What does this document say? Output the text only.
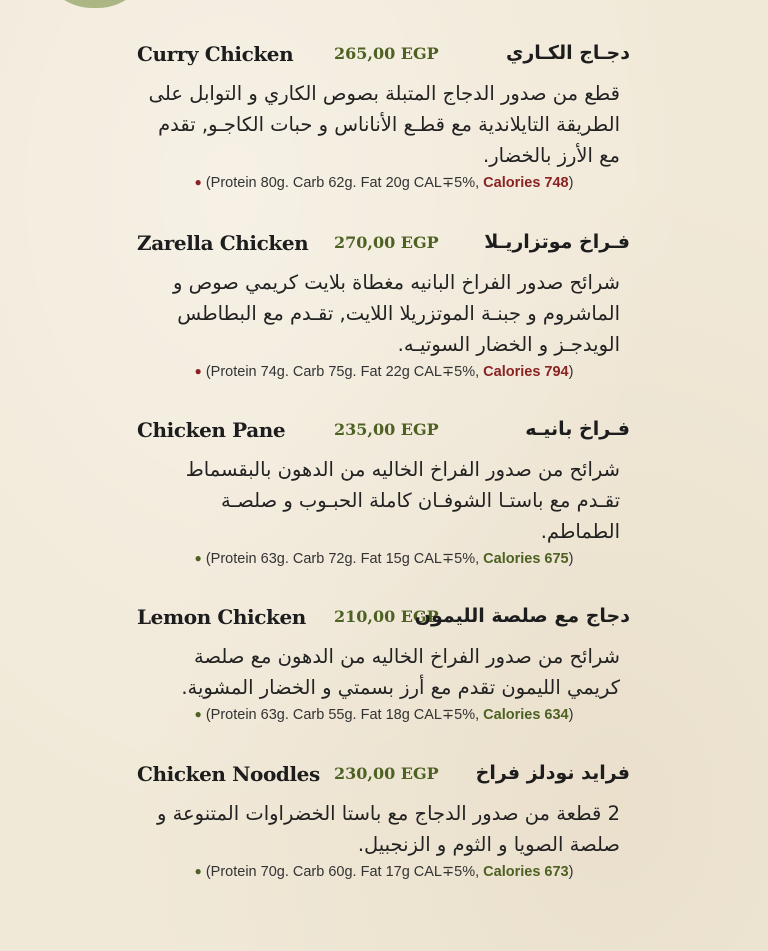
Curry Chicken	265,00 EGP	دجـاج الكـاري
قطع من صدور الدجاج المتبلة بصوص الكاري و التوابل على الطريقة التايلاندية مع قطـع الأناناس و حبات الكاجـو, تقدم مع الأرز بالخضار.
● (Protein 80g. Carb 62g. Fat 20g CAL∓5%, Calories 748)
Zarella Chicken 270,00 EGP فـراخ موتزاريـلا
شرائح صدور الفراخ البانيه مغطاة بلايت كريمي صوص و الماشروم و جبنـة الموتزريلا اللايت, تقـدم مع البطاطس الويدجـز و الخضار السوتيـه.
● (Protein 74g. Carb 75g. Fat 22g CAL∓5%, Calories 794)
Chicken Pane	235,00 EGP	فـراخ بانيـه
شرائح من صدور الفراخ الخاليه من الدهون بالبقسماط تقـدم مع باستـا الشوفـان كاملة الحبـوب و صلصـة الطماطم.
● (Protein 63g. Carb 72g. Fat 15g CAL∓5%, Calories 675)
Lemon Chicken 210,00 EGP
دجاج مع صلصة الليمون
شرائح من صدور الفراخ الخاليه من الدهون مع صلصة كريمي الليمون تقدم مع أرز بسمتي و الخضار المشوية.
● (Protein 63g. Carb 55g. Fat 18g CAL∓5%, Calories 634)
Chicken Noodles 230,00 EGP فرايد نودلز فراخ
2 قطعة من صدور الدجاج مع باستا الخضراوات المتنوعة و صلصة الصويا و الثوم و الزنجبيل.
● (Protein 70g. Carb 60g. Fat 17g CAL∓5%, Calories 673)
